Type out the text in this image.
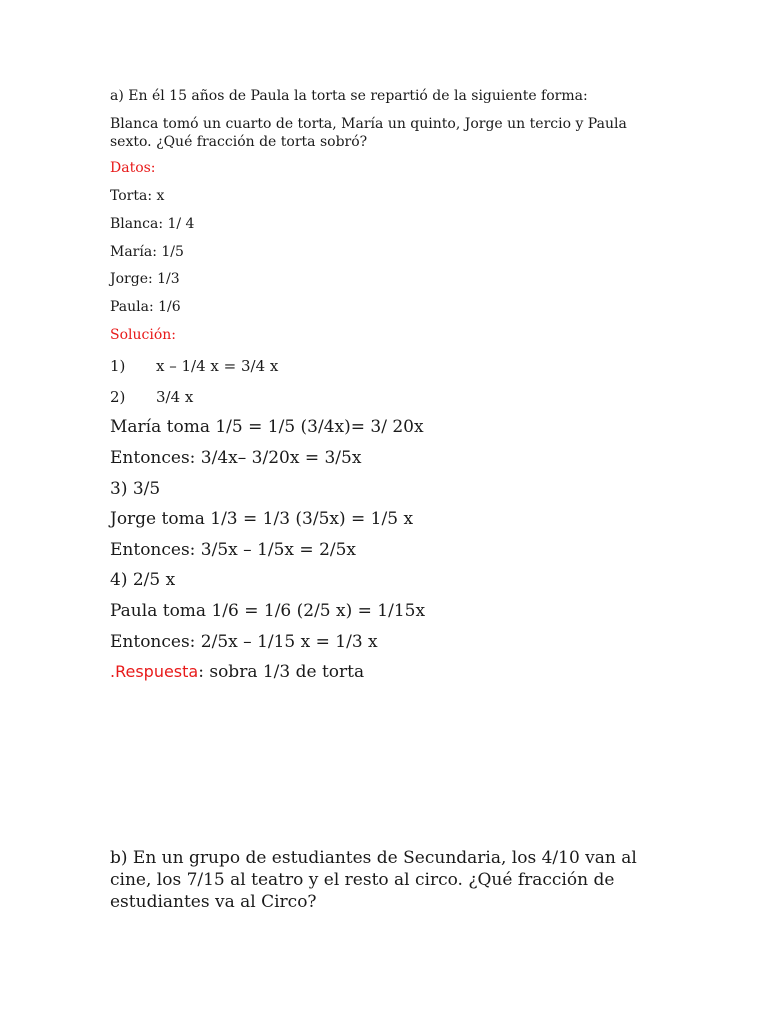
a) En él 15 años de Paula la torta se repartió de la siguiente forma:
Blanca tomó un cuarto de torta, María un quinto, Jorge un tercio y Paula
sexto. ¿Qué fracción de torta sobró?
Datos:
Torta: x
Blanca: 1/ 4
María: 1/5
Jorge: 1/3
Paula: 1/6
Solución:
1) x – 1/4 x = 3/4 x
2) 3/4 x
María toma 1/5 = 1/5 (3/4x)= 3/ 20x
Entonces: 3/4x– 3/20x = 3/5x
3) 3/5
Jorge toma 1/3 = 1/3 (3/5x) = 1/5 x
Entonces: 3/5x – 1/5x = 2/5x
4) 2/5 x
Paula toma 1/6 = 1/6 (2/5 x) = 1/15x
Entonces: 2/5x – 1/15 x = 1/3 x
.Respuesta: sobra 1/3 de torta
b) En un grupo de estudiantes de Secundaria, los 4/10 van al
cine, los 7/15 al teatro y el resto al circo. ¿Qué fracción de
estudiantes va al Circo?
